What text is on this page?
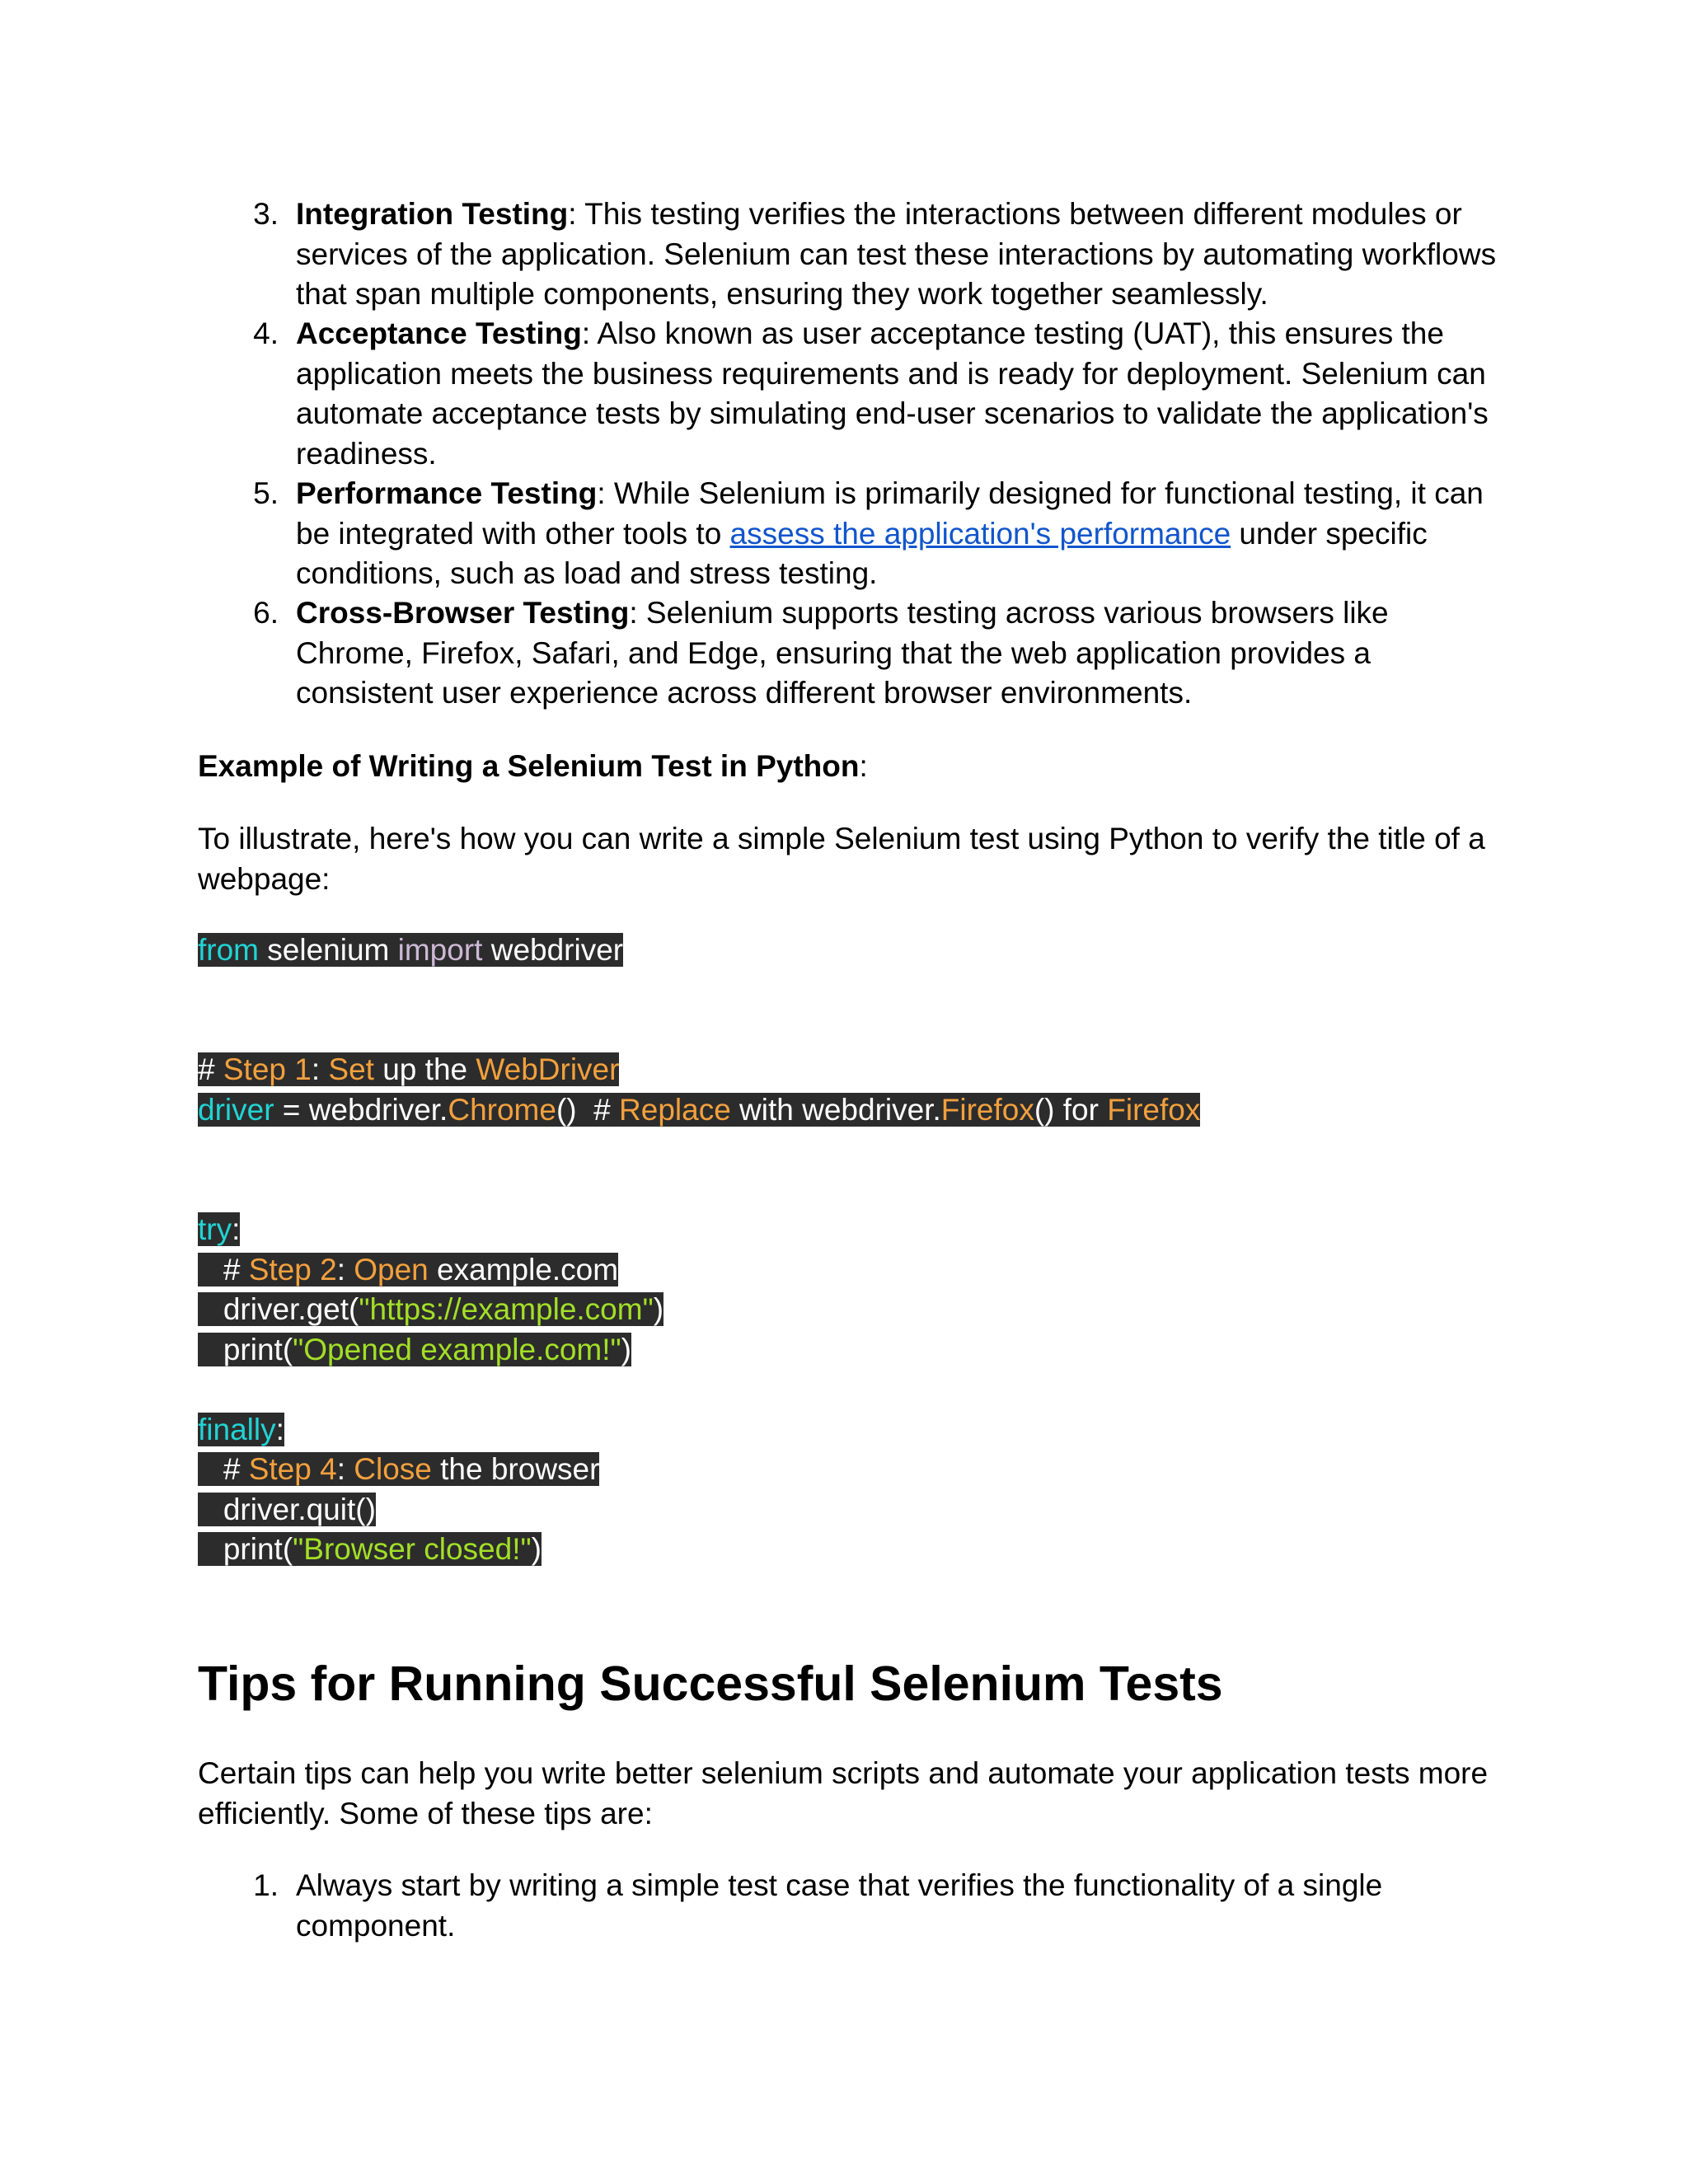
3. Integration Testing: This testing verifies the interactions between different modules or services of the application. Selenium can test these interactions by automating workflows that span multiple components, ensuring they work together seamlessly.
4. Acceptance Testing: Also known as user acceptance testing (UAT), this ensures the application meets the business requirements and is ready for deployment. Selenium can automate acceptance tests by simulating end-user scenarios to validate the application's readiness.
5. Performance Testing: While Selenium is primarily designed for functional testing, it can be integrated with other tools to assess the application's performance under specific conditions, such as load and stress testing.
6. Cross-Browser Testing: Selenium supports testing across various browsers like Chrome, Firefox, Safari, and Edge, ensuring that the web application provides a consistent user experience across different browser environments.
Example of Writing a Selenium Test in Python:
To illustrate, here's how you can write a simple Selenium test using Python to verify the title of a webpage:

from selenium import webdriver

# Step 1: Set up the WebDriver

driver = webdriver.Chrome()  # Replace with webdriver.Firefox() for Firefox

try:

# Step 2: Open example.com

driver.get("https://example.com")

print("Opened example.com!")

finally:

# Step 4: Close the browser

driver.quit()

print("Browser closed!")

Tips for Running Successful Selenium Tests
Certain tips can help you write better selenium scripts and automate your application tests more efficiently. Some of these tips are:
1. Always start by writing a simple test case that verifies the functionality of a single component.
